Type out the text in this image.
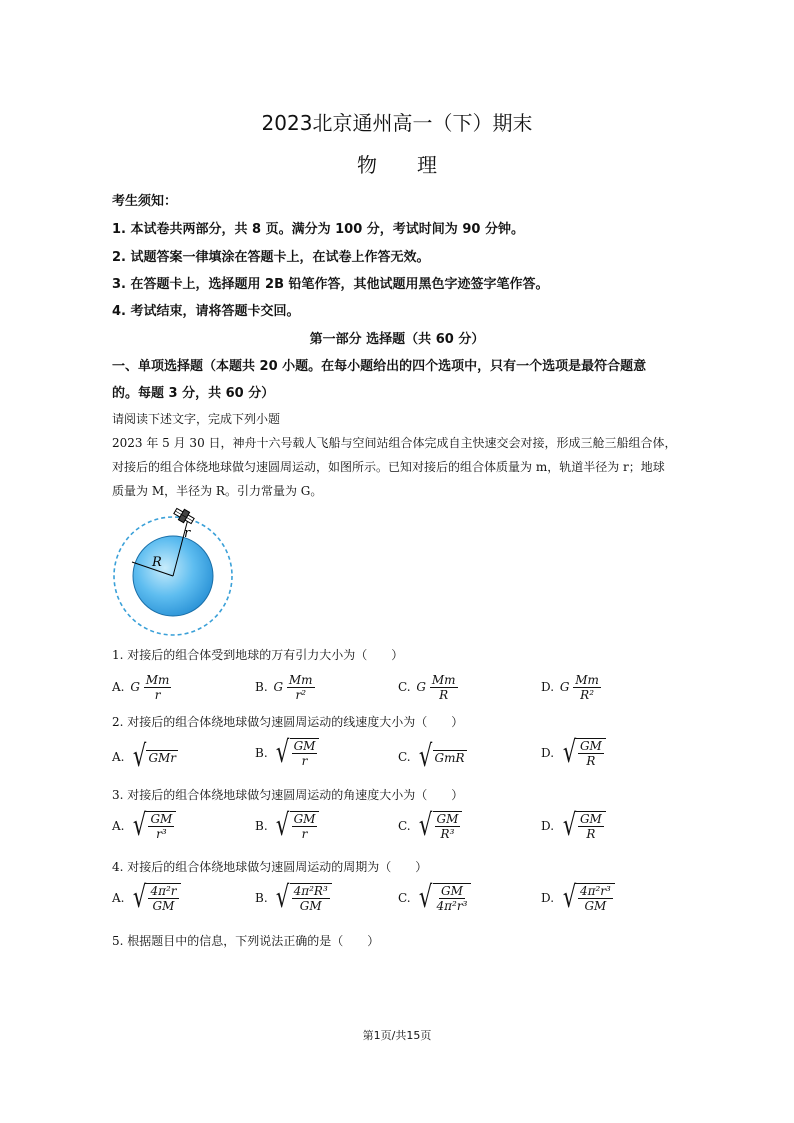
2023北京通州高一（下）期末
物　　理
考生须知：
1. 本试卷共两部分，共 8 页。满分为 100 分，考试时间为 90 分钟。
2. 试题答案一律填涂在答题卡上，在试卷上作答无效。
3. 在答题卡上，选择题用 2B 铅笔作答，其他试题用黑色字迹签字笔作答。
4. 考试结束，请将答题卡交回。
第一部分 选择题（共 60 分）
一、单项选择题（本题共 20 小题。在每小题给出的四个选项中，只有一个选项是最符合题意
的。每题 3 分，共 60 分）
请阅读下述文字，完成下列小题
2023 年 5 月 30 日，神舟十六号载人飞船与空间站组合体完成自主快速交会对接，形成三舱三船组合体，
对接后的组合体绕地球做匀速圆周运动，如图所示。已知对接后的组合体质量为 m，轨道半径为 r；地球
质量为 M，半径为 R。引力常量为 G。
R
r
1. 对接后的组合体受到地球的万有引力大小为（　　）
A. G $\frac{Mm}{r}$	B. G $\frac{Mm}{\text{r²}}$	C. G $\frac{Mm}{R}$	D. G $\frac{Mm}{\text{R²}}$
2. 对接后的组合体绕地球做匀速圆周运动的线速度大小为（　　）
A. √ GMr	B. √ $\frac{GM}{r}$	C. √ GmR	D. √ $\frac{GM}{R}$
3. 对接后的组合体绕地球做匀速圆周运动的角速度大小为（　　）
A. √ $\frac{GM}{\text{r³}}$	B. √ $\frac{GM}{r}$	C. √ $\frac{GM}{\text{R³}}$	D. √ $\frac{GM}{R}$
4. 对接后的组合体绕地球做匀速圆周运动的周期为（　　）
A. √ $\frac{\text{4π²r}}{GM}$	B. √ $\frac{\text{4π²R³}}{GM}$	C. √ $\frac{GM}{\text{4π²r³}}$	D. √ $\frac{\text{4π²r³}}{GM}$
5. 根据题目中的信息，下列说法正确的是（　　）
第1页/共15页
